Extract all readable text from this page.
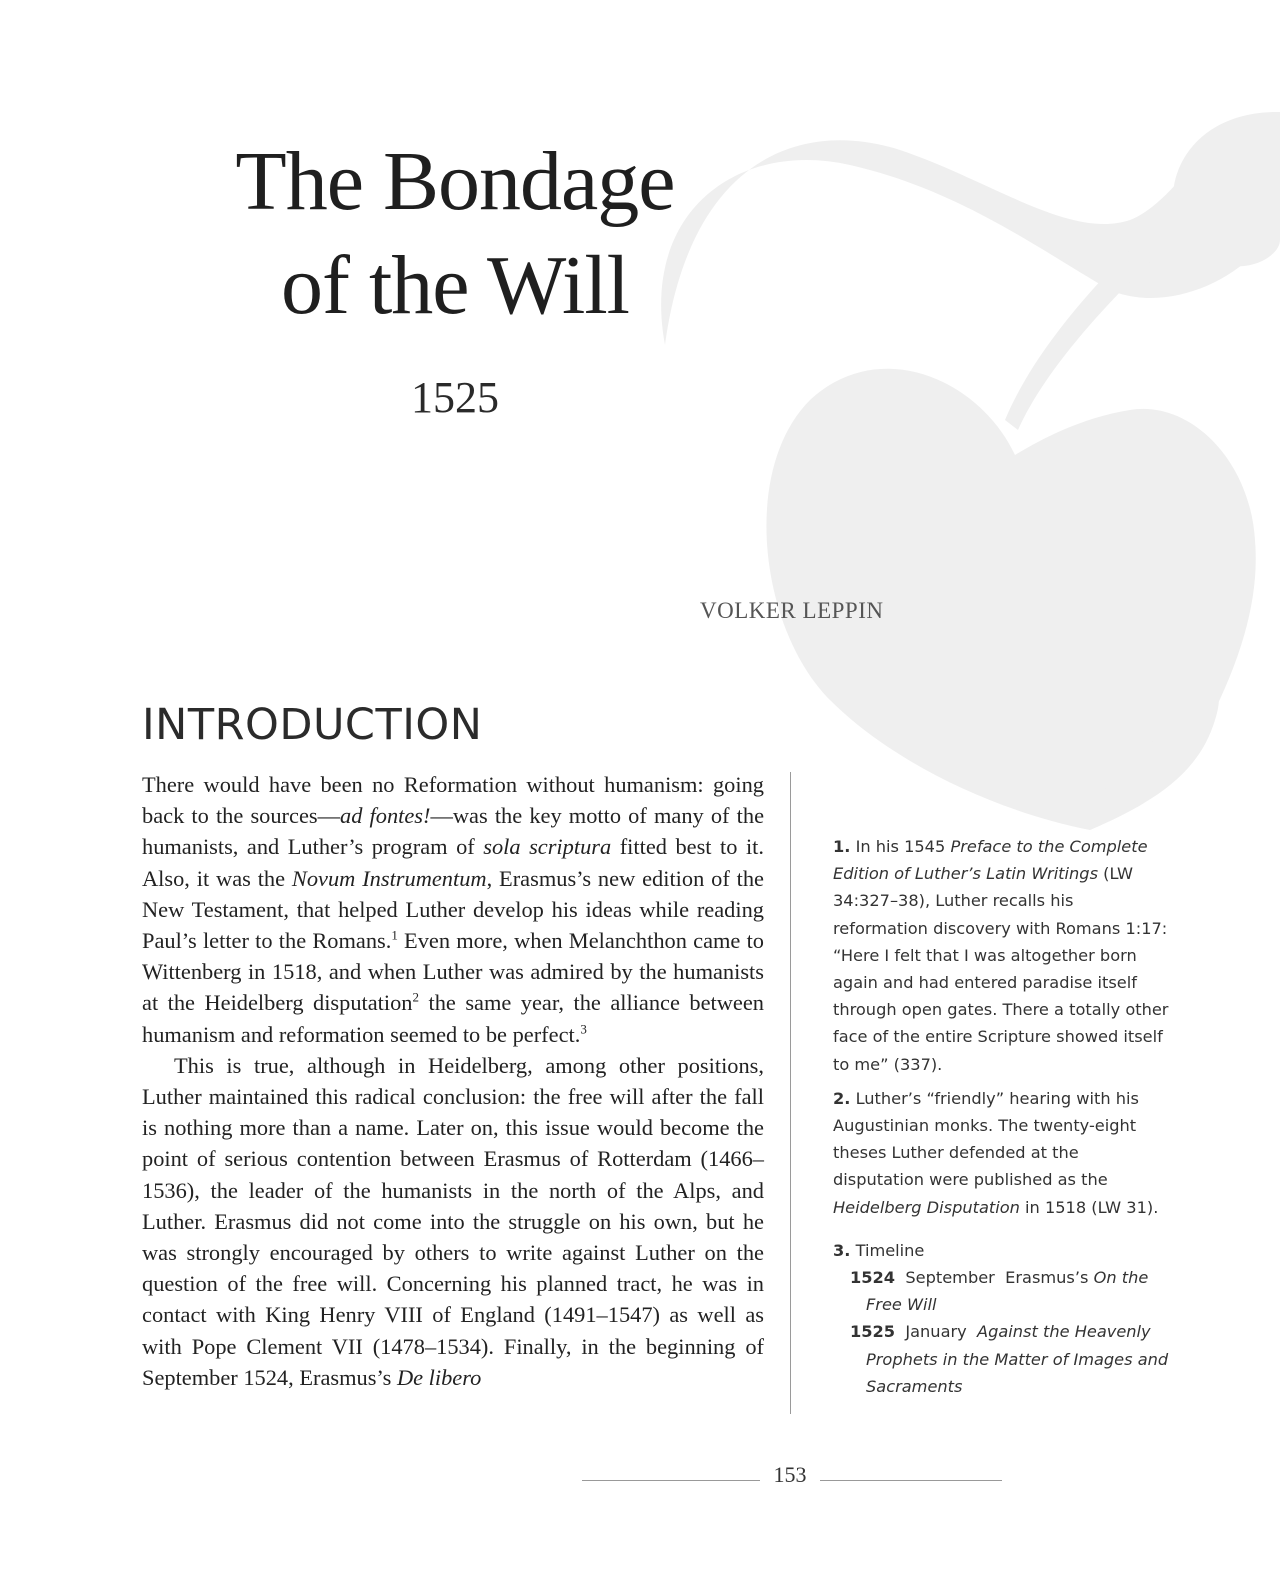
The Bondage
of the Will
1525
VOLKER LEPPIN
INTRODUCTION

There would have been no Reformation without humanism: going back to the sources—ad fontes!—was the key motto of many of the humanists, and Luther’s program of sola scriptura fitted best to it. Also, it was the Novum Instrumentum, Erasmus’s new edition of the New Testament, that helped Luther develop his ideas while reading Paul’s letter to the Romans.$^1$ Even more, when Melanchthon came to Wittenberg in 1518, and when Luther was admired by the humanists at the Heidelberg disputation$^2$ the same year, the alliance between humanism and reformation seemed to be perfect.$^3$

This is true, although in Heidelberg, among other positions, Luther maintained this radical conclusion: the free will after the fall is nothing more than a name. Later on, this issue would become the point of serious contention between Erasmus of Rotterdam (1466–1536), the leader of the humanists in the north of the Alps, and Luther. Erasmus did not come into the struggle on his own, but he was strongly encouraged by others to write against Luther on the question of the free will. Concerning his planned tract, he was in contact with King Henry VIII of England (1491–1547) as well as with Pope Clement VII (1478–1534). Finally, in the beginning of September 1524, Erasmus’s De libero

1. In his 1545 Preface to the Complete Edition of Luther’s Latin Writings (LW 34:327–38), Luther recalls his reformation discovery with Romans 1:17: “Here I felt that I was altogether born again and had entered paradise itself through open gates. There a totally other face of the entire Scripture showed itself to me” (337).
2. Luther’s “friendly” hearing with his Augustinian monks. The twenty-eight theses Luther defended at the disputation were published as the Heidelberg Disputation in 1518 (LW 31).
3. Timeline
1524 September Erasmus’s On the Free Will
1525 January Against the Heavenly Prophets in the Matter of Images and Sacraments
153
